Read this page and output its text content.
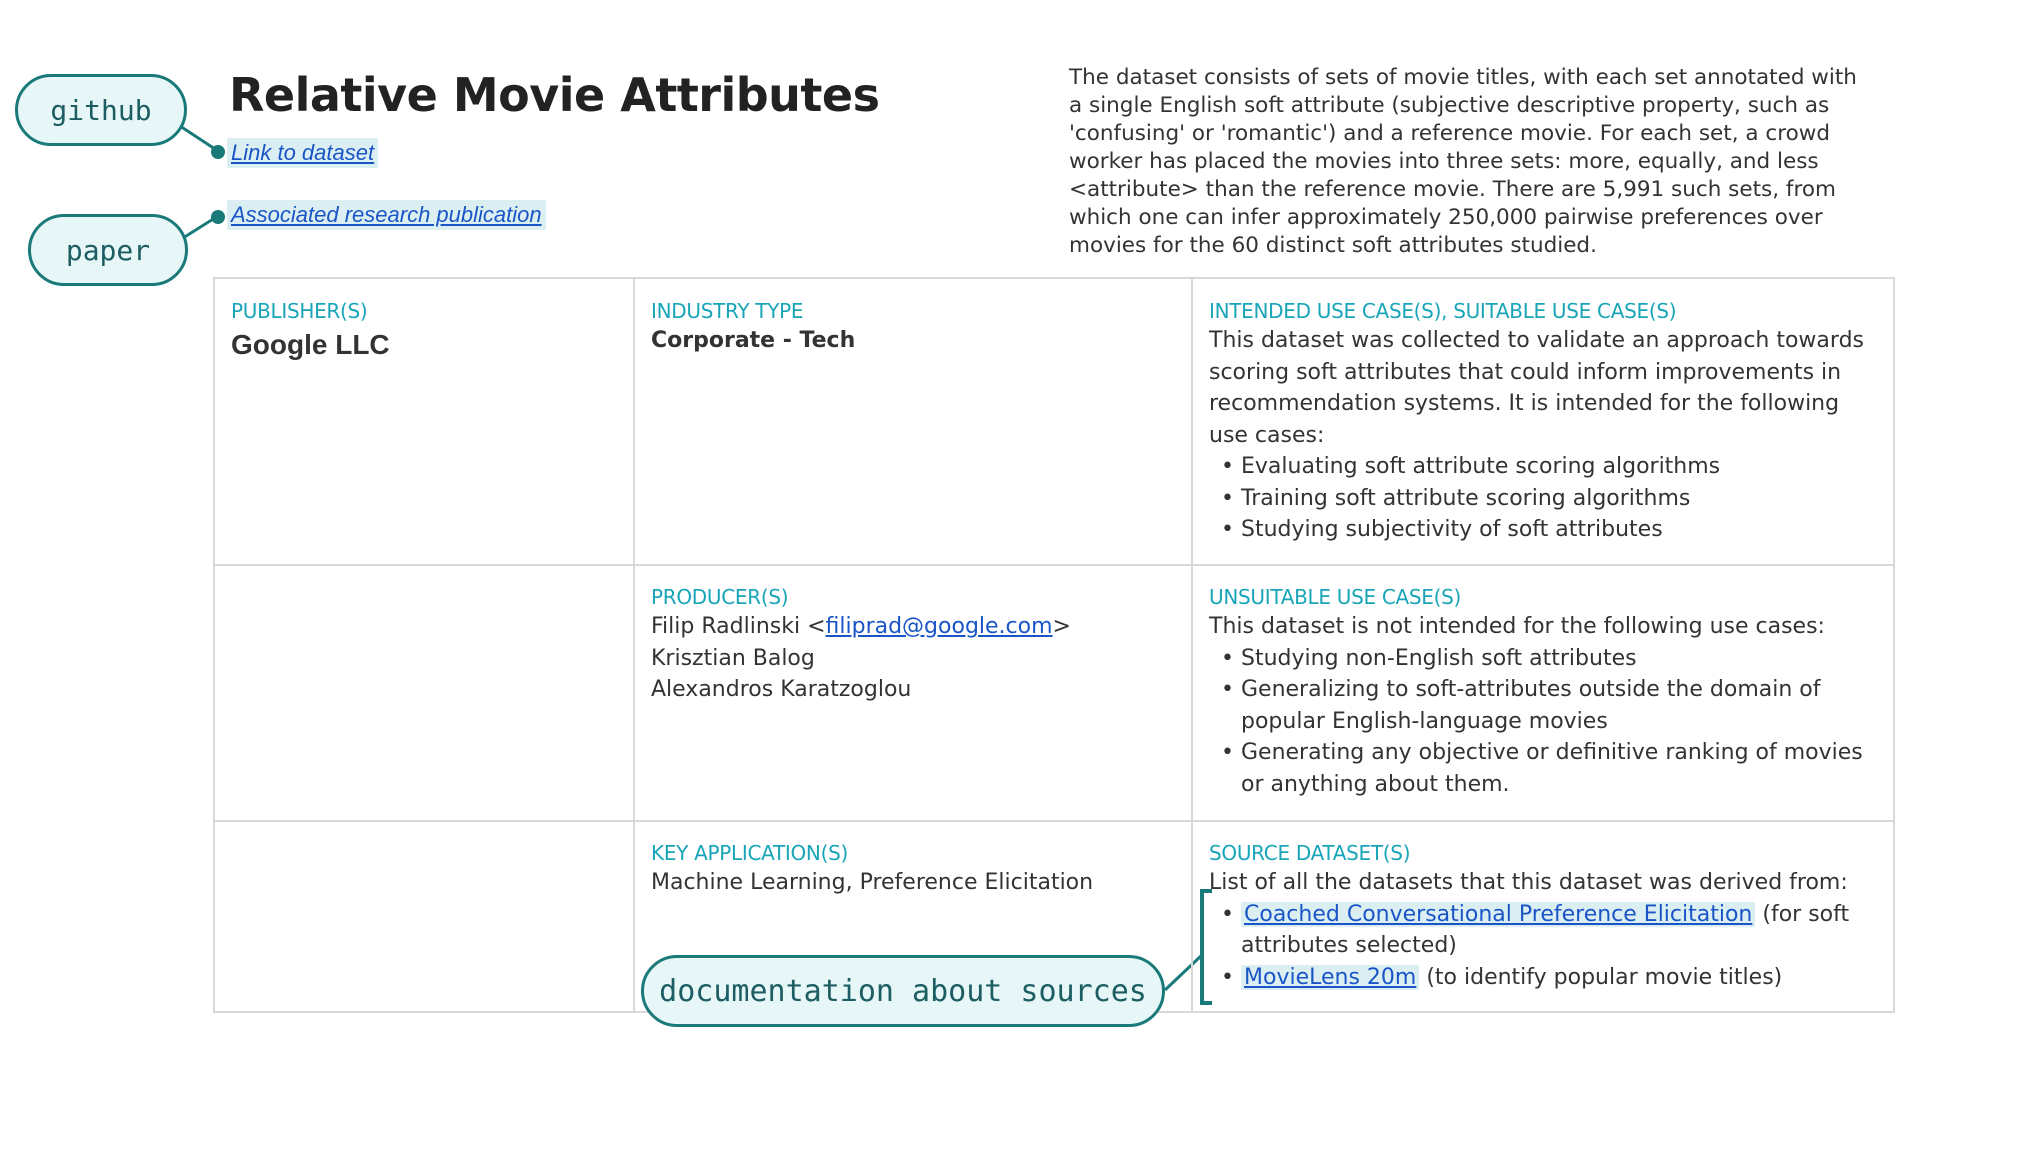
github
paper
Relative Movie Attributes
Link to dataset
Associated research publication
The dataset consists of sets of movie titles, with each set annotated with a single English soft attribute (subjective descriptive property, such as 'confusing' or 'romantic') and a reference movie. For each set, a crowd worker has placed the movies into three sets: more, equally, and less <attribute> than the reference movie. There are 5,991 such sets, from which one can infer approximately 250,000 pairwise preferences over movies for the 60 distinct soft attributes studied.
PUBLISHER(S)
Google LLC
INDUSTRY TYPE
Corporate - Tech
INTENDED USE CASE(S), SUITABLE USE CASE(S)
This dataset was collected to validate an approach towards scoring soft attributes that could inform improvements in recommendation systems. It is intended for the following use cases:
• Evaluating soft attribute scoring algorithms
• Training soft attribute scoring algorithms
• Studying subjectivity of soft attributes
PRODUCER(S)
Filip Radlinski <filiprad@google.com>
Krisztian Balog
Alexandros Karatzoglou
UNSUITABLE USE CASE(S)
This dataset is not intended for the following use cases:
• Studying non-English soft attributes
• Generalizing to soft-attributes outside the domain of popular English-language movies
• Generating any objective or definitive ranking of movies or anything about them.
KEY APPLICATION(S)
Machine Learning, Preference Elicitation
SOURCE DATASET(S)
List of all the datasets that this dataset was derived from:
• Coached Conversational Preference Elicitation (for soft attributes selected)
• MovieLens 20m (to identify popular movie titles)
documentation about sources
